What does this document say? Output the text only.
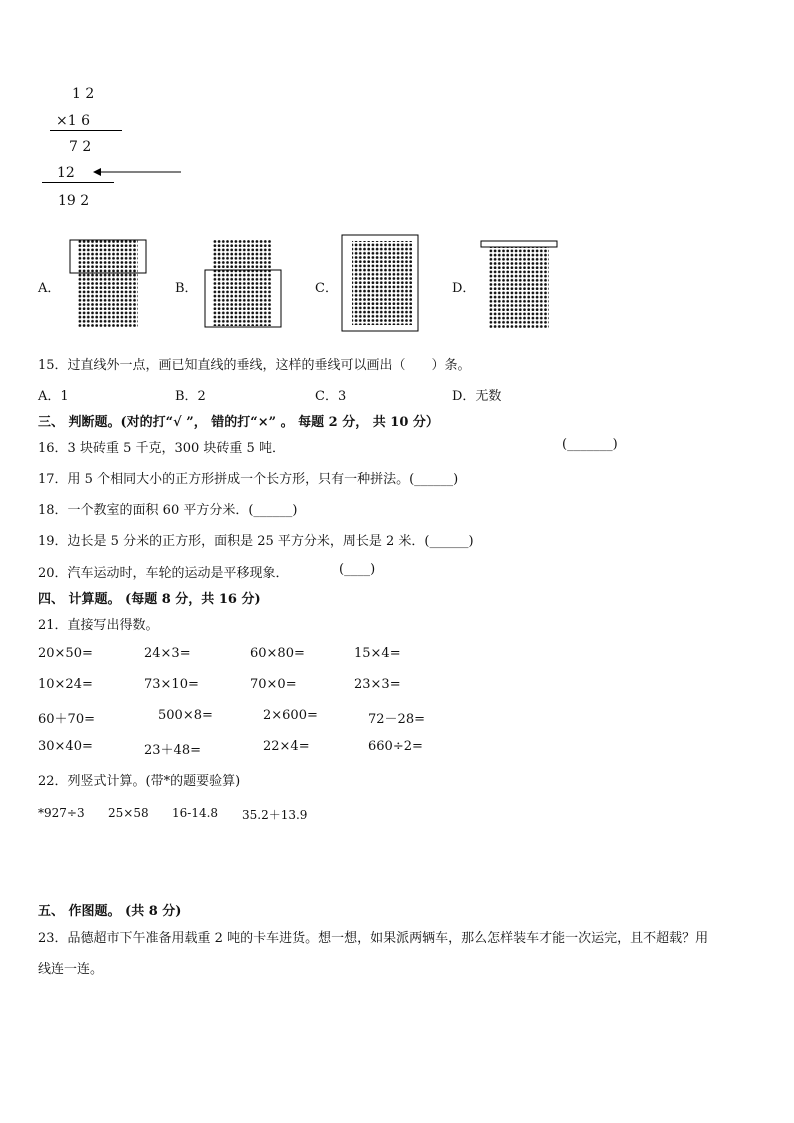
1 2
×1 6
7 2
12
19 2
A．	B．	C．	D．
15．过直线外一点，画已知直线的垂线，这样的垂线可以画出（　　）条。
A．1	B．2	C．3	D．无数
三、 判断题。(对的打“√ ”， 错的打“×” 。 每题 2 分， 共 10 分）
16．3 块砖重 5 千克，300 块砖重 5 吨．	(_______)
17．用 5 个相同大小的正方形拼成一个长方形，只有一种拼法。(______)
18．一个教室的面积 60 平方分米．(______)
19．边长是 5 分米的正方形，面积是 25 平方分米，周长是 2 米．(______)
20．汽车运动时，车轮的运动是平移现象．	(____)
四、 计算题。 (每题 8 分，共 16 分)
21．直接写出得数。
20×50=	24×3=	60×80=	15×4=
10×24=	73×10=	70×0=	23×3=
60＋70=	500×8=	2×600=	72－28=
30×40=	23＋48=	22×4=	660÷2=
22．列竖式计算。(带*的题要验算)
*927÷3 25×58 16-14.8 35.2＋13.9
五、 作图题。 (共 8 分)
23．品德超市下午准备用载重 2 吨的卡车进货。想一想，如果派两辆车，那么怎样装车才能一次运完，且不超载？用
线连一连。
